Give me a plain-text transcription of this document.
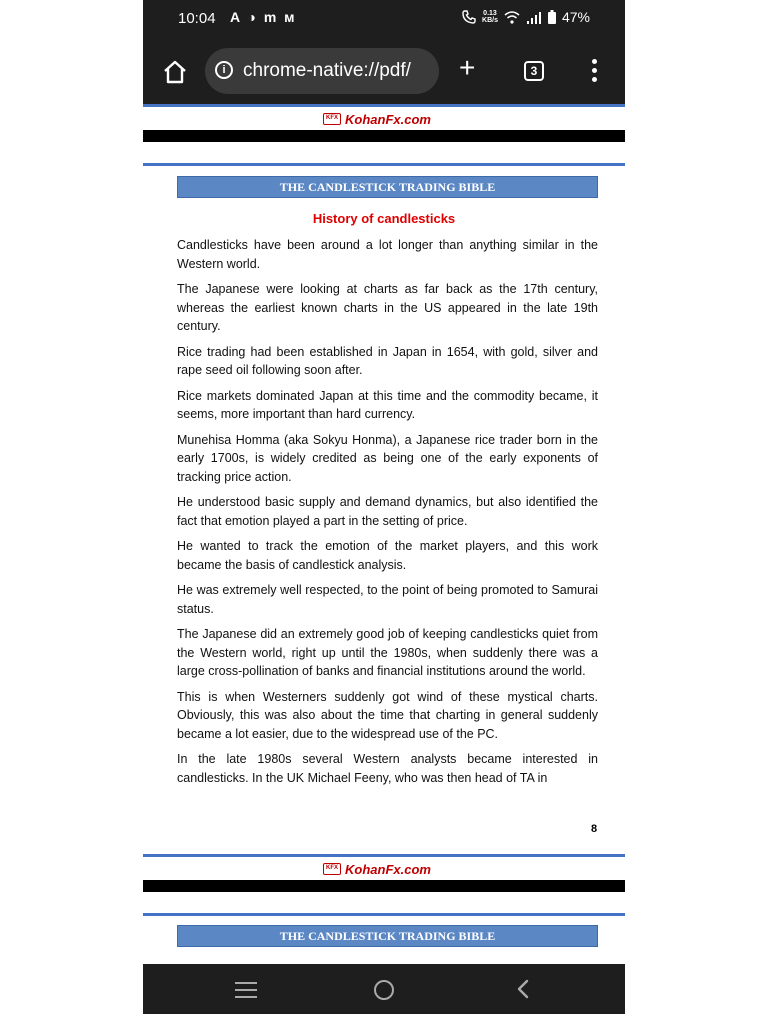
10:04 A ◑ m ᴍ	0.13
KB/s	47%
i chrome-native://pdf/ +	3
KFX KohanFx.com
THE CANDLESTICK TRADING BIBLE
History of candlesticks

Candlesticks have been around a lot longer than anything similar in the Western world.

The Japanese were looking at charts as far back as the 17th century, whereas the earliest known charts in the US appeared in the late 19th century.

Rice trading had been established in Japan in 1654, with gold, silver and rape seed oil following soon after.

Rice markets dominated Japan at this time and the commodity became, it seems, more important than hard currency.

Munehisa Homma (aka Sokyu Honma), a Japanese rice trader born in the early 1700s, is widely credited as being one of the early exponents of tracking price action.

He understood basic supply and demand dynamics, but also identified the fact that emotion played a part in the setting of price.

He wanted to track the emotion of the market players, and this work became the basis of candlestick analysis.

He was extremely well respected, to the point of being promoted to Samurai status.

The Japanese did an extremely good job of keeping candlesticks quiet from the Western world, right up until the 1980s, when suddenly there was a large cross-pollination of banks and financial institutions around the world.

This is when Westerners suddenly got wind of these mystical charts. Obviously, this was also about the time that charting in general suddenly became a lot easier, due to the widespread use of the PC.

In the late 1980s several Western analysts became interested in candlesticks. In the UK Michael Feeny, who was then head of TA in

8
KFX KohanFx.com
THE CANDLESTICK TRADING BIBLE
